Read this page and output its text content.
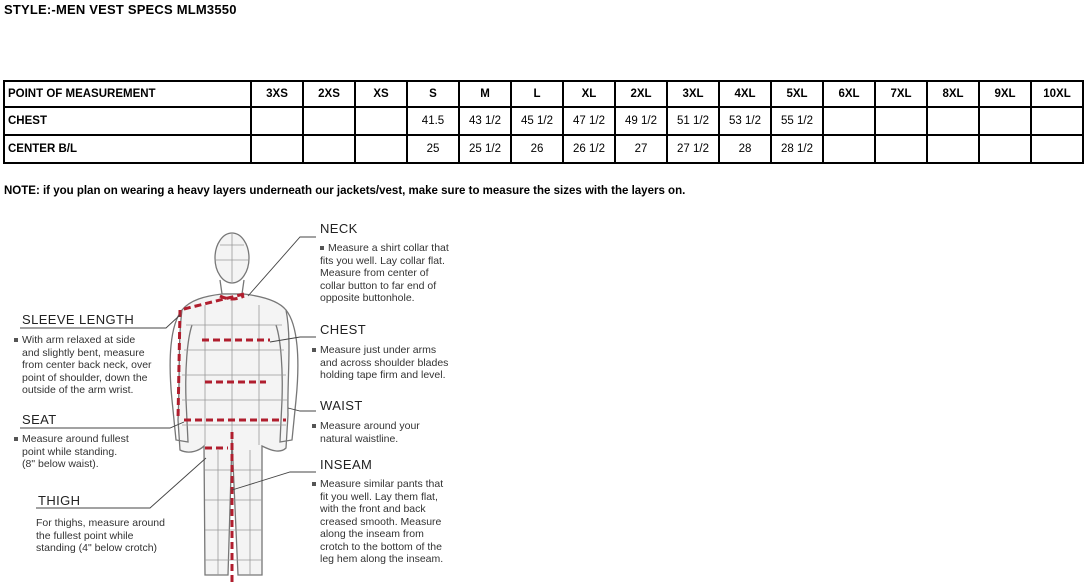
STYLE:-MEN VEST SPECS MLM3550
POINT OF MEASUREMENT	3XS	2XS	XS	S	M	L	XL	2XL	3XL	4XL	5XL	6XL	7XL	8XL	9XL	10XL
CHEST				41.5	43 1/2	45 1/2	47 1/2	49 1/2	51 1/2	53 1/2	55 1/2					
CENTER B/L				25	25 1/2	26	26 1/2	27	27 1/2	28	28 1/2					
NOTE: if you plan on wearing a heavy layers underneath our jackets/vest, make sure to measure the sizes with the layers on.
NECK
Measure a shirt collar that
fits you well. Lay collar flat.
Measure from center of
collar button to far end of
opposite buttonhole.
CHEST
Measure just under arms
and across shoulder blades
holding tape firm and level.
WAIST
Measure around your
natural waistline.
INSEAM
Measure similar pants that
fit you well. Lay them flat,
with the front and back
creased smooth. Measure
along the inseam from
crotch to the bottom of the
leg hem along the inseam.
SLEEVE LENGTH
With arm relaxed at side
and slightly bent, measure
from center back neck, over
point of shoulder, down the
outside of the arm wrist.
SEAT
Measure around fullest
point while standing.
(8" below waist).
THIGH
For thighs, measure around
the fullest point while
standing (4" below crotch)
